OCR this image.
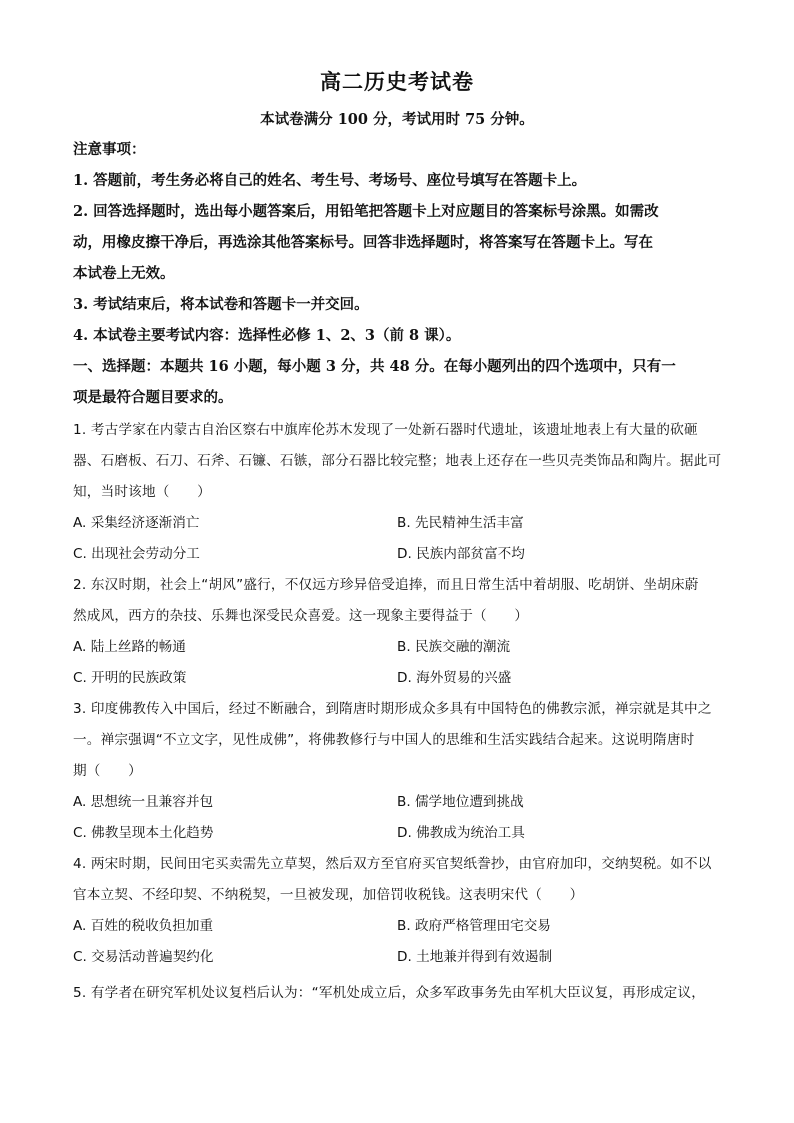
高二历史考试卷
本试卷满分 100 分，考试用时 75 分钟。
注意事项：
1. 答题前，考生务必将自己的姓名、考生号、考场号、座位号填写在答题卡上。
2. 回答选择题时，选出每小题答案后，用铅笔把答题卡上对应题目的答案标号涂黑。如需改
动，用橡皮擦干净后，再选涂其他答案标号。回答非选择题时，将答案写在答题卡上。写在
本试卷上无效。
3. 考试结束后，将本试卷和答题卡一并交回。
4. 本试卷主要考试内容：选择性必修 1、2、3（前 8 课）。
一、选择题：本题共 16 小题，每小题 3 分，共 48 分。在每小题列出的四个选项中，只有一
项是最符合题目要求的。
1. 考古学家在内蒙古自治区察右中旗库伦苏木发现了一处新石器时代遗址，该遗址地表上有大量的砍砸
器、石磨板、石刀、石斧、石镰、石镞，部分石器比较完整；地表上还存在一些贝壳类饰品和陶片。据此可
知，当时该地（　　）
A. 采集经济逐渐消亡	B. 先民精神生活丰富
C. 出现社会劳动分工	D. 民族内部贫富不均
2. 东汉时期，社会上“胡风”盛行，不仅远方珍异倍受追捧，而且日常生活中着胡服、吃胡饼、坐胡床蔚
然成风，西方的杂技、乐舞也深受民众喜爱。这一现象主要得益于（　　）
A. 陆上丝路的畅通	B. 民族交融的潮流
C. 开明的民族政策	D. 海外贸易的兴盛
3. 印度佛教传入中国后，经过不断融合，到隋唐时期形成众多具有中国特色的佛教宗派，禅宗就是其中之
一。禅宗强调“不立文字，见性成佛”，将佛教修行与中国人的思维和生活实践结合起来。这说明隋唐时
期（　　）
A. 思想统一且兼容并包	B. 儒学地位遭到挑战
C. 佛教呈现本土化趋势	D. 佛教成为统治工具
4. 两宋时期，民间田宅买卖需先立草契，然后双方至官府买官契纸誊抄，由官府加印，交纳契税。如不以
官本立契、不经印契、不纳税契，一旦被发现，加倍罚收税钱。这表明宋代（　　）
A. 百姓的税收负担加重	B. 政府严格管理田宅交易
C. 交易活动普遍契约化	D. 土地兼并得到有效遏制
5. 有学者在研究军机处议复档后认为：“军机处成立后，众多军政事务先由军机大臣议复，再形成定议，
